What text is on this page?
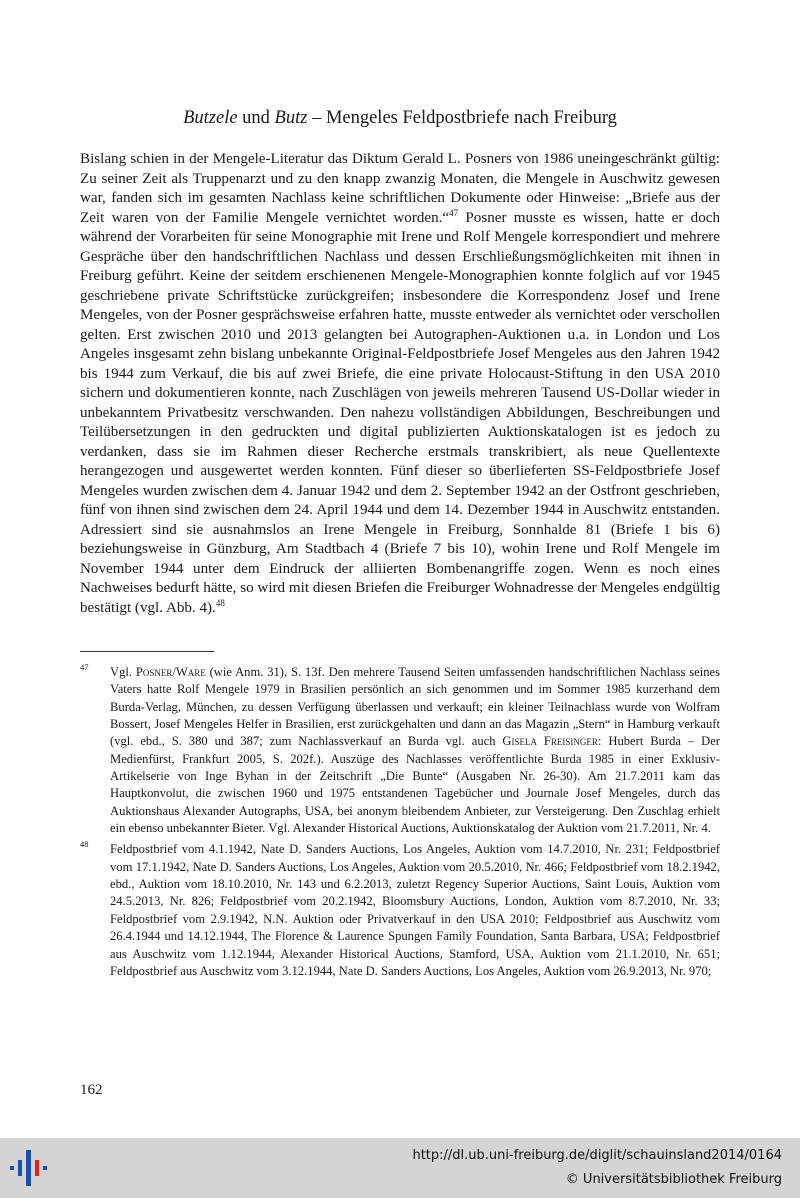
Butzele und Butz – Mengeles Feldpostbriefe nach Freiburg

Bislang schien in der Mengele-Literatur das Diktum Gerald L. Posners von 1986 uneingeschränkt gültig: Zu seiner Zeit als Truppenarzt und zu den knapp zwanzig Monaten, die Mengele in Auschwitz gewesen war, fanden sich im gesamten Nachlass keine schriftlichen Dokumente oder Hinweise: „Briefe aus der Zeit waren von der Familie Mengele vernichtet worden.“$^{47}$ Posner musste es wissen, hatte er doch während der Vorarbeiten für seine Monographie mit Irene und Rolf Mengele korrespondiert und mehrere Gespräche über den handschriftlichen Nachlass und dessen Erschließungsmöglichkeiten mit ihnen in Freiburg geführt. Keine der seitdem erschienenen Mengele-Monographien konnte folglich auf vor 1945 geschriebene private Schriftstücke zurückgreifen; insbesondere die Korrespondenz Josef und Irene Mengeles, von der Posner gesprächsweise erfahren hatte, musste entweder als vernichtet oder verschollen gelten. Erst zwischen 2010 und 2013 gelangten bei Autographen-Auktionen u.a. in London und Los Angeles insgesamt zehn bislang unbekannte Original-Feldpostbriefe Josef Mengeles aus den Jahren 1942 bis 1944 zum Verkauf, die bis auf zwei Briefe, die eine private Holocaust-Stiftung in den USA 2010 sichern und dokumentieren konnte, nach Zuschlägen von jeweils mehreren Tausend US-Dollar wieder in unbekanntem Privatbesitz verschwanden. Den nahezu vollständigen Abbildungen, Beschreibungen und Teilübersetzungen in den gedruckten und digital publizierten Auktionskatalogen ist es jedoch zu verdanken, dass sie im Rahmen dieser Recherche erstmals transkribiert, als neue Quellentexte herangezogen und ausgewertet werden konnten. Fünf dieser so überlieferten SS-Feldpostbriefe Josef Mengeles wurden zwischen dem 4. Januar 1942 und dem 2. September 1942 an der Ostfront geschrieben, fünf von ihnen sind zwischen dem 24. April 1944 und dem 14. Dezember 1944 in Auschwitz entstanden. Adressiert sind sie ausnahmslos an Irene Mengele in Freiburg, Sonnhalde 81 (Briefe 1 bis 6) beziehungsweise in Günzburg, Am Stadtbach 4 (Briefe 7 bis 10), wohin Irene und Rolf Mengele im November 1944 unter dem Eindruck der alliierten Bombenangriffe zogen. Wenn es noch eines Nachweises bedurft hätte, so wird mit diesen Briefen die Freiburger Wohnadresse der Mengeles endgültig bestätigt (vgl. Abb. 4).$^{48}$

47 Vgl. Posner/Ware (wie Anm. 31), S. 13f. Den mehrere Tausend Seiten umfassenden handschriftlichen Nachlass seines Vaters hatte Rolf Mengele 1979 in Brasilien persönlich an sich genommen und im Sommer 1985 kurzerhand dem Burda-Verlag, München, zu dessen Verfügung überlassen und verkauft; ein kleiner Teilnachlass wurde von Wolfram Bossert, Josef Mengeles Helfer in Brasilien, erst zurückgehalten und dann an das Magazin „Stern“ in Hamburg verkauft (vgl. ebd., S. 380 und 387; zum Nachlassverkauf an Burda vgl. auch Gisela Freisinger: Hubert Burda – Der Medienfürst, Frankfurt 2005, S. 202f.). Auszüge des Nachlasses veröffentlichte Burda 1985 in einer Exklusiv-Artikelserie von Inge Byhan in der Zeitschrift „Die Bunte“ (Ausgaben Nr. 26-30). Am 21.7.2011 kam das Hauptkonvolut, die zwischen 1960 und 1975 entstandenen Tagebücher und Journale Josef Mengeles, durch das Auktionshaus Alexander Autographs, USA, bei anonym bleibendem Anbieter, zur Versteigerung. Den Zuschlag erhielt ein ebenso unbekannter Bieter. Vgl. Alexander Historical Auctions, Auktionskatalog der Auktion vom 21.7.2011, Nr. 4.
48 Feldpostbrief vom 4.1.1942, Nate D. Sanders Auctions, Los Angeles, Auktion vom 14.7.2010, Nr. 231; Feldpostbrief vom 17.1.1942, Nate D. Sanders Auctions, Los Angeles, Auktion vom 20.5.2010, Nr. 466; Feldpostbrief vom 18.2.1942, ebd., Auktion vom 18.10.2010, Nr. 143 und 6.2.2013, zuletzt Regency Superior Auctions, Saint Louis, Auktion vom 24.5.2013, Nr. 826; Feldpostbrief vom 20.2.1942, Bloomsbury Auctions, London, Auktion vom 8.7.2010, Nr. 33; Feldpostbrief vom 2.9.1942, N.N. Auktion oder Privatverkauf in den USA 2010; Feldpostbrief aus Auschwitz vom 26.4.1944 und 14.12.1944, The Florence & Laurence Spungen Family Foundation, Santa Barbara, USA; Feldpostbrief aus Auschwitz vom 1.12.1944, Alexander Historical Auctions, Stamford, USA, Auktion vom 21.1.2010, Nr. 651; Feldpostbrief aus Auschwitz vom 3.12.1944, Nate D. Sanders Auctions, Los Angeles, Auktion vom 26.9.2013, Nr. 970;
162
http://dl.ub.uni-freiburg.de/diglit/schauinsland2014/0164
© Universitätsbibliothek Freiburg
